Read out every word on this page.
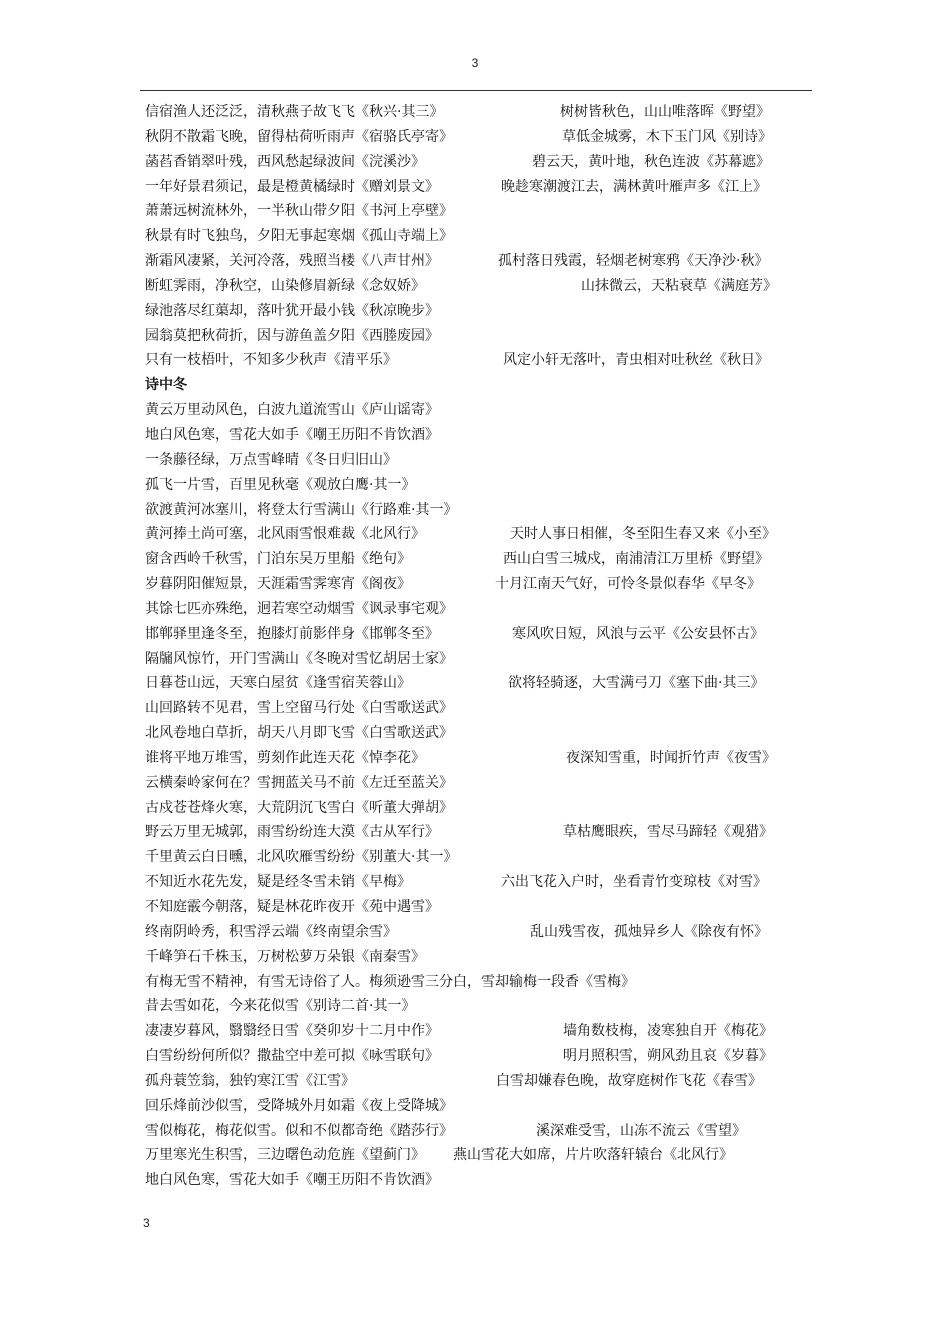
3
信宿渔人还泛泛，清秋燕子故飞飞《秋兴·其三》	树树皆秋色，山山唯落晖《野望》
秋阴不散霜飞晚，留得枯荷听雨声《宿骆氏亭寄》	草低金城雾，木下玉门风《别诗》
菡萏香销翠叶残，西风愁起绿波间《浣溪沙》	碧云天，黄叶地，秋色连波《苏幕遮》
一年好景君须记，最是橙黄橘绿时《赠刘景文》	晚趁寒潮渡江去，满林黄叶雁声多《江上》
萧萧远树流林外，一半秋山带夕阳《书河上亭壁》
秋景有时飞独鸟，夕阳无事起寒烟《孤山寺端上》
渐霜风凄紧，关河冷落，残照当楼《八声甘州》	孤村落日残霞，轻烟老树寒鸦《天净沙·秋》
断虹霁雨，净秋空，山染修眉新绿《念奴娇》	山抹微云，天粘衰草《满庭芳》
绿池落尽红蕖却，落叶犹开最小钱《秋凉晚步》
园翁莫把秋荷折，因与游鱼盖夕阳《西塍废园》
只有一枝梧叶，不知多少秋声《清平乐》	风定小轩无落叶，青虫相对吐秋丝《秋日》
诗中冬
黄云万里动风色，白波九道流雪山《庐山谣寄》
地白风色寒，雪花大如手《嘲王历阳不肯饮酒》
一条藤径绿，万点雪峰晴《冬日归旧山》
孤飞一片雪，百里见秋毫《观放白鹰·其一》
欲渡黄河冰塞川，将登太行雪满山《行路难·其一》
黄河捧土尚可塞，北风雨雪恨难裁《北风行》	天时人事日相催，冬至阳生春又来《小至》
窗含西岭千秋雪，门泊东吴万里船《绝句》	西山白雪三城戍，南浦清江万里桥《野望》
岁暮阴阳催短景，天涯霜雪霁寒宵《阁夜》	十月江南天气好，可怜冬景似春华《早冬》
其馀七匹亦殊绝，迥若寒空动烟雪《讽录事宅观》
邯郸驿里逢冬至，抱膝灯前影伴身《邯郸冬至》	寒风吹日短，风浪与云平《公安县怀古》
隔牖风惊竹，开门雪满山《冬晚对雪忆胡居士家》
日暮苍山远，天寒白屋贫《逢雪宿芙蓉山》	欲将轻骑逐，大雪满弓刀《塞下曲·其三》
山回路转不见君，雪上空留马行处《白雪歌送武》
北风卷地白草折，胡天八月即飞雪《白雪歌送武》
谁将平地万堆雪，剪刻作此连天花《悼李花》	夜深知雪重，时闻折竹声《夜雪》
云横秦岭家何在？雪拥蓝关马不前《左迁至蓝关》
古戍苍苍烽火寒，大荒阴沉飞雪白《听董大弹胡》
野云万里无城郭，雨雪纷纷连大漠《古从军行》	草枯鹰眼疾，雪尽马蹄轻《观猎》
千里黄云白日曛，北风吹雁雪纷纷《别董大·其一》
不知近水花先发，疑是经冬雪未销《早梅》	六出飞花入户时，坐看青竹变琼枝《对雪》
不知庭霰今朝落，疑是林花昨夜开《苑中遇雪》
终南阴岭秀，积雪浮云端《终南望余雪》	乱山残雪夜，孤烛异乡人《除夜有怀》
千峰笋石千株玉，万树松萝万朵银《南秦雪》
有梅无雪不精神，有雪无诗俗了人。梅须逊雪三分白，雪却输梅一段香《雪梅》
昔去雪如花，今来花似雪《别诗二首·其一》
凄凄岁暮风，翳翳经日雪《癸卯岁十二月中作》	墙角数枝梅，凌寒独自开《梅花》
白雪纷纷何所似？撒盐空中差可拟《咏雪联句》	明月照积雪，朔风劲且哀《岁暮》
孤舟蓑笠翁，独钓寒江雪《江雪》	白雪却嫌春色晚，故穿庭树作飞花《春雪》
回乐烽前沙似雪，受降城外月如霜《夜上受降城》
雪似梅花，梅花似雪。似和不似都奇绝《踏莎行》	溪深难受雪，山冻不流云《雪望》
万里寒光生积雪，三边曙色动危旌《望蓟门》 燕山雪花大如席，片片吹落轩辕台《北风行》
地白风色寒，雪花大如手《嘲王历阳不肯饮酒》
3
